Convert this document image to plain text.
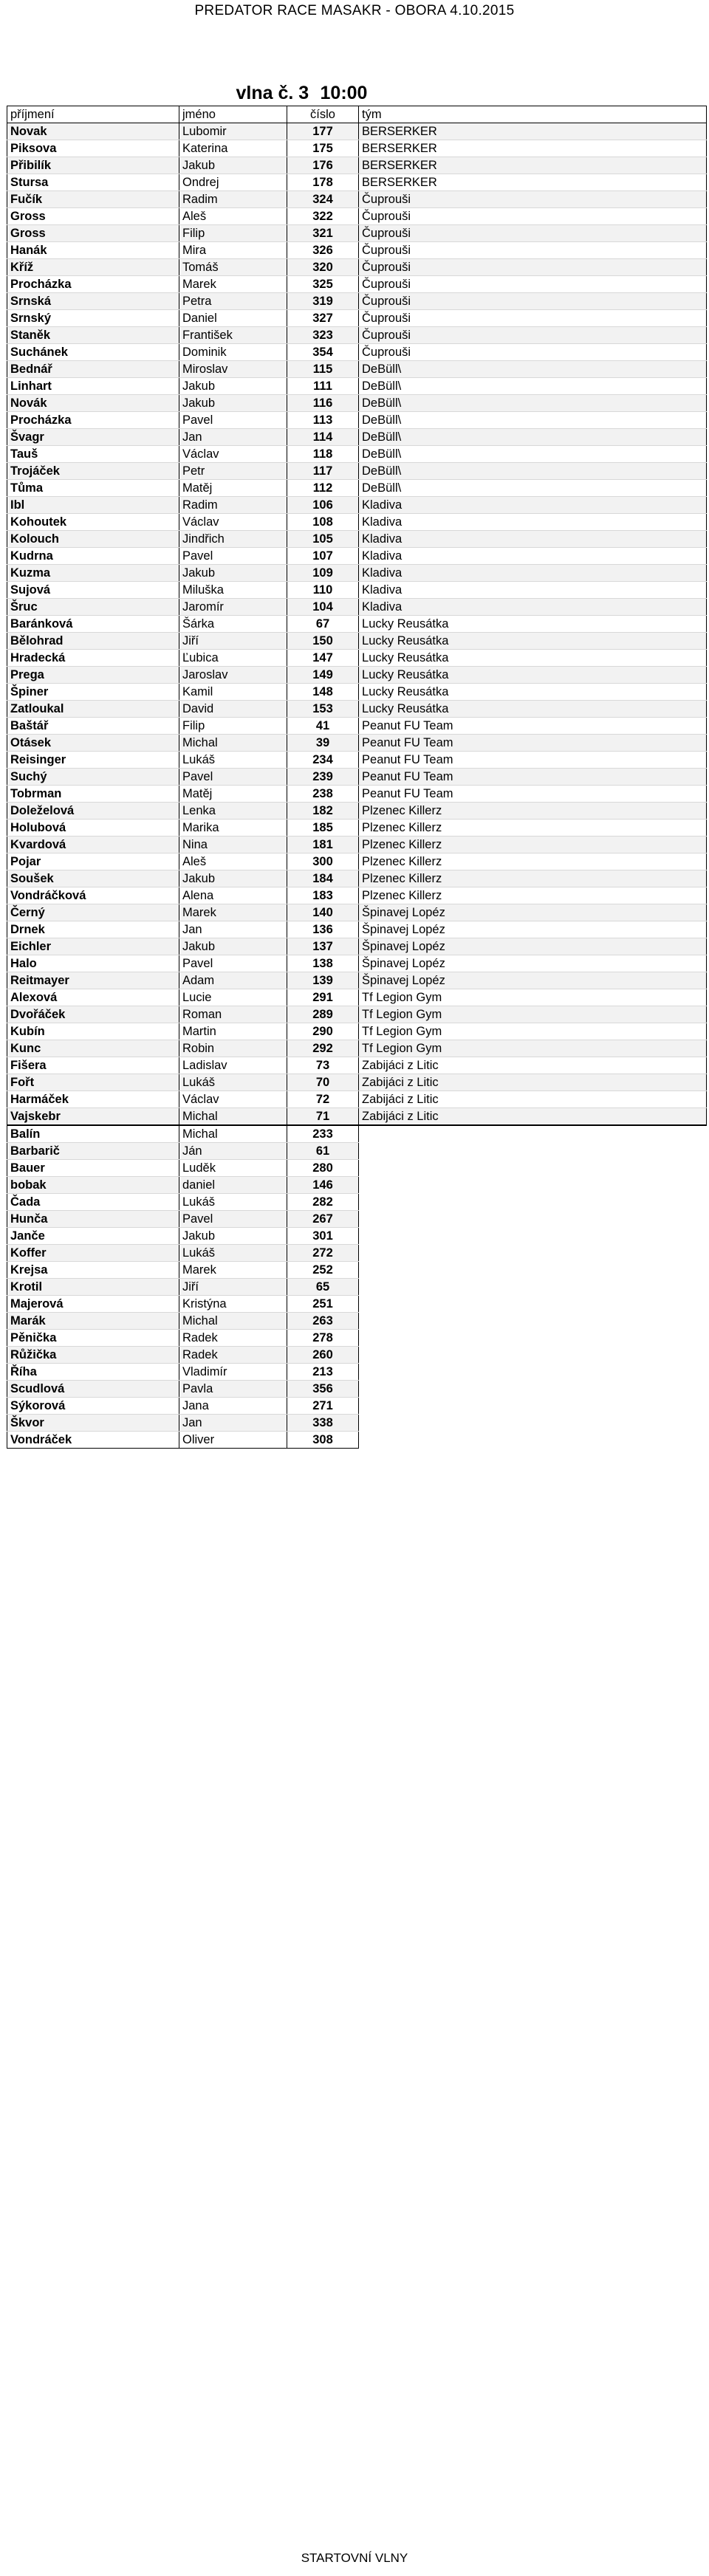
PREDATOR RACE MASAKR - OBORA 4.10.2015
vlna č. 3		10:00	
příjmení	jméno	číslo	tým
Novak	Lubomir	177	BERSERKER
Piksova	Katerina	175	BERSERKER
Přibilík	Jakub	176	BERSERKER
Stursa	Ondrej	178	BERSERKER
Fučík	Radim	324	Čuprouši
Gross	Aleš	322	Čuprouši
Gross	Filip	321	Čuprouši
Hanák	Mira	326	Čuprouši
Kříž	Tomáš	320	Čuprouši
Procházka	Marek	325	Čuprouši
Srnská	Petra	319	Čuprouši
Srnský	Daniel	327	Čuprouši
Staněk	František	323	Čuprouši
Suchánek	Dominik	354	Čuprouši
Bednář	Miroslav	115	DeBüll\
Linhart	Jakub	111	DeBüll\
Novák	Jakub	116	DeBüll\
Procházka	Pavel	113	DeBüll\
Švagr	Jan	114	DeBüll\
Tauš	Václav	118	DeBüll\
Trojáček	Petr	117	DeBüll\
Tůma	Matěj	112	DeBüll\
Ibl	Radim	106	Kladiva
Kohoutek	Václav	108	Kladiva
Kolouch	Jindřich	105	Kladiva
Kudrna	Pavel	107	Kladiva
Kuzma	Jakub	109	Kladiva
Sujová	Miluška	110	Kladiva
Šruc	Jaromír	104	Kladiva
Baránková	Šárka	67	Lucky Reusátka
Bělohrad	Jiří	150	Lucky Reusátka
Hradecká	Ľubica	147	Lucky Reusátka
Prega	Jaroslav	149	Lucky Reusátka
Špiner	Kamil	148	Lucky Reusátka
Zatloukal	David	153	Lucky Reusátka
Baštář	Filip	41	Peanut FU Team
Otásek	Michal	39	Peanut FU Team
Reisinger	Lukáš	234	Peanut FU Team
Suchý	Pavel	239	Peanut FU Team
Tobrman	Matěj	238	Peanut FU Team
Doleželová	Lenka	182	Plzenec Killerz
Holubová	Marika	185	Plzenec Killerz
Kvardová	Nina	181	Plzenec Killerz
Pojar	Aleš	300	Plzenec Killerz
Soušek	Jakub	184	Plzenec Killerz
Vondráčková	Alena	183	Plzenec Killerz
Černý	Marek	140	Špinavej Lopéz
Drnek	Jan	136	Špinavej Lopéz
Eichler	Jakub	137	Špinavej Lopéz
Halo	Pavel	138	Špinavej Lopéz
Reitmayer	Adam	139	Špinavej Lopéz
Alexová	Lucie	291	Tf Legion Gym
Dvořáček	Roman	289	Tf Legion Gym
Kubín	Martin	290	Tf Legion Gym
Kunc	Robin	292	Tf Legion Gym
Fišera	Ladislav	73	Zabijáci z Litic
Fořt	Lukáš	70	Zabijáci z Litic
Harmáček	Václav	72	Zabijáci z Litic
Vajskebr	Michal	71	Zabijáci z Litic
Balín	Michal	233	
Barbarič	Ján	61	
Bauer	Luděk	280	
bobak	daniel	146	
Čada	Lukáš	282	
Hunča	Pavel	267	
Janče	Jakub	301	
Koffer	Lukáš	272	
Krejsa	Marek	252	
Krotil	Jiří	65	
Majerová	Kristýna	251	
Marák	Michal	263	
Pěnička	Radek	278	
Růžička	Radek	260	
Říha	Vladimír	213	
Scudlová	Pavla	356	
Sýkorová	Jana	271	
Škvor	Jan	338	
Vondráček	Oliver	308	
STARTOVNÍ VLNY
